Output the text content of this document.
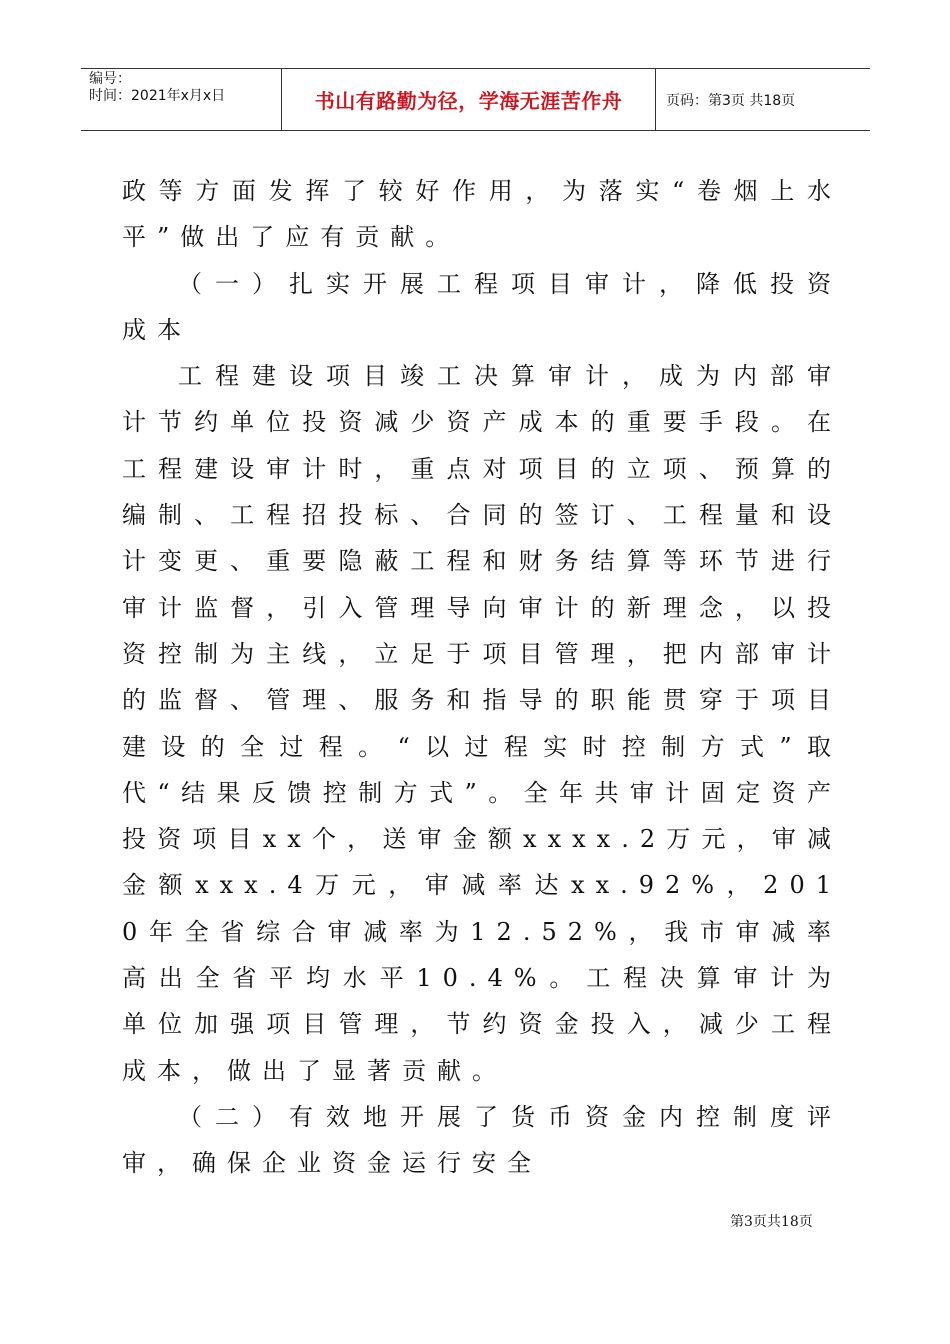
编号：
时间：2021年x月x日	书山有路勤为径，学海无涯苦作舟	页码：第3页 共18页

政等方面发挥了较好作用，为落实“卷烟上水平”做出了应有贡献。

（一）扎实开展工程项目审计，降低投资成本

工程建设项目竣工决算审计，成为内部审计节约单位投资减少资产成本的重要手段。在工程建设审计时，重点对项目的立项、预算的编制、工程招投标、合同的签订、工程量和设计变更、重要隐蔽工程和财务结算等环节进行审计监督，引入管理导向审计的新理念，以投资控制为主线，立足于项目管理，把内部审计的监督、管理、服务和指导的职能贯穿于项目建设的全过程。“以过程实时控制方式”取代“结果反馈控制方式”。全年共审计固定资产投资项目xx个，送审金额xxxx.2万元，审减金额xxx.4万元，审减率达xx.92%，2010年全省综合审减率为12.52%，我市审减率高出全省平均水平10.4%。工程决算审计为单位加强项目管理，节约资金投入，减少工程成本，做出了显著贡献。

（二）有效地开展了货币资金内控制度评审，确保企业资金运行安全

第3页共18页
